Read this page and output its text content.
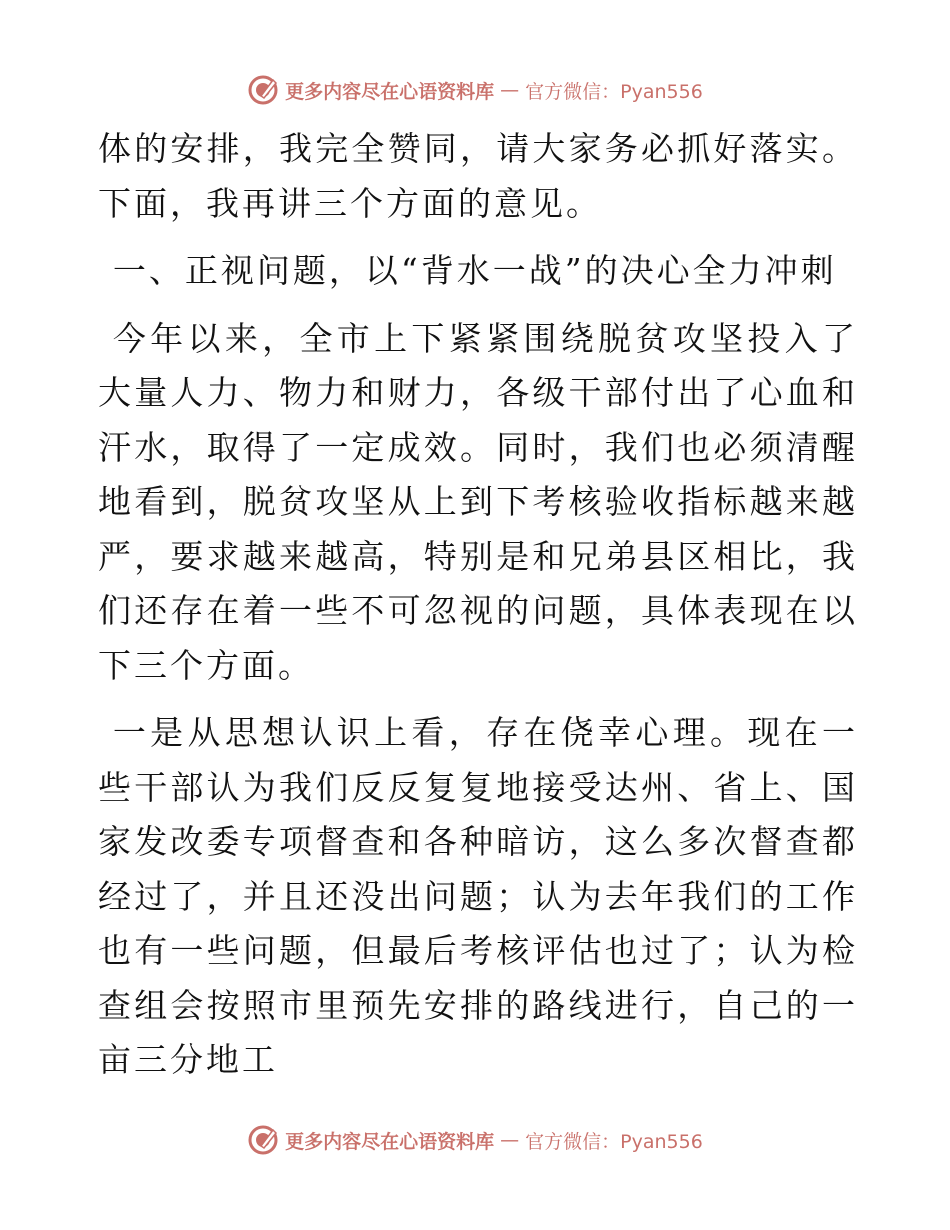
更多内容尽在心语资料库 — 官方微信：Pyan556

体的安排，我完全赞同，请大家务必抓好落实。下面，我再讲三个方面的意见。

一、正视问题，以“背水一战”的决心全力冲刺

今年以来，全市上下紧紧围绕脱贫攻坚投入了大量人力、物力和财力，各级干部付出了心血和汗水，取得了一定成效。同时，我们也必须清醒地看到，脱贫攻坚从上到下考核验收指标越来越严，要求越来越高，特别是和兄弟县区相比，我们还存在着一些不可忽视的问题，具体表现在以下三个方面。

一是从思想认识上看，存在侥幸心理。现在一些干部认为我们反反复复地接受达州、省上、国家发改委专项督查和各种暗访，这么多次督查都经过了，并且还没出问题；认为去年我们的工作也有一些问题，但最后考核评估也过了；认为检查组会按照市里预先安排的路线进行，自己的一亩三分地工

更多内容尽在心语资料库 — 官方微信：Pyan556
